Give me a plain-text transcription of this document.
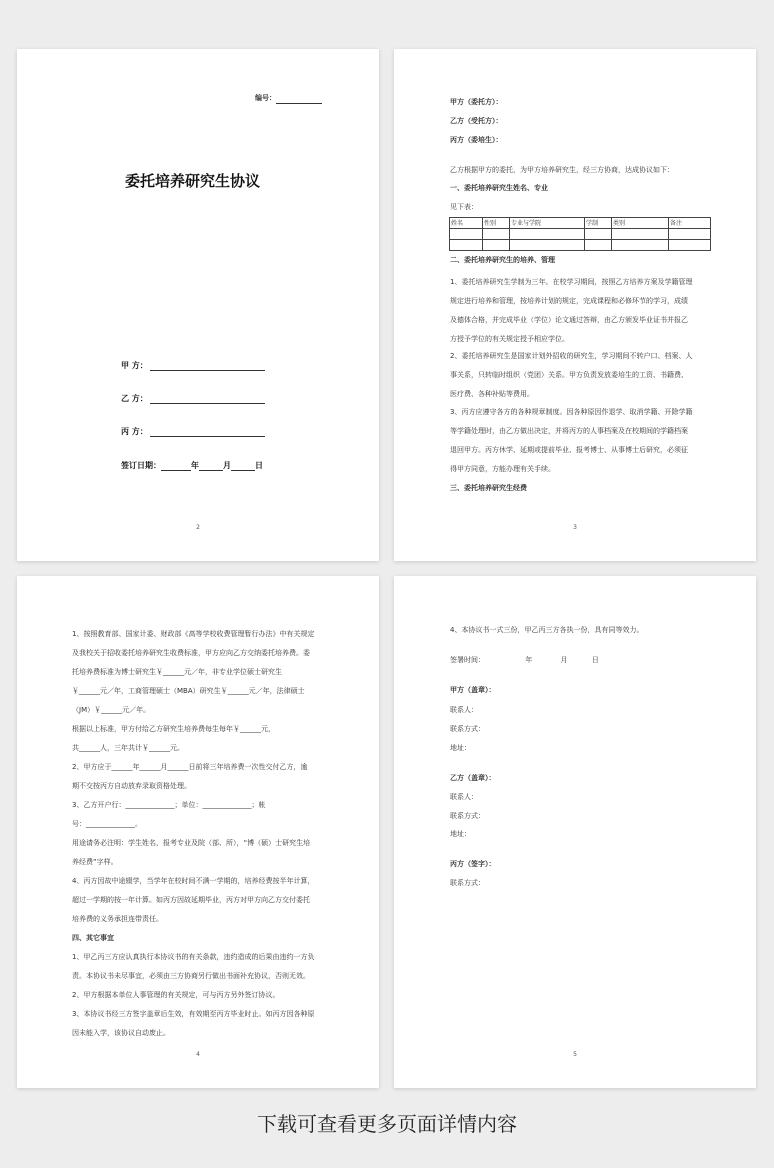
编号：
委托培养研究生协议
甲 方：

乙 方：

丙 方：

签订日期：
	年
	月
	日
2
甲方（委托方）：
乙方（受托方）：
丙方（委培生）：
乙方根据甲方的委托，为甲方培养研究生，经三方协商，达成协议如下：
一、委托培养研究生姓名、专业
见下表：
姓名	性别	专业与学院	学制	类别	备注

二、委托培养研究生的培养、管理
1、委托培养研究生学制为三年。在校学习期间，按照乙方培养方案及学籍管理
规定进行培养和管理，按培养计划的规定，完成课程和必修环节的学习，成绩
及德体合格，并完成毕业（学位）论文通过答辩，由乙方颁发毕业证书并报乙
方授予学位的有关规定授予相应学位。
2、委托培养研究生是国家计划外招收的研究生，学习期间不转户口、档案、人
事关系，只转临时组织（党团）关系。甲方负责发放委培生的工资、书籍费、
医疗费、各种补贴等费用。
3、丙方应遵守各方的各种规章制度。因各种原因作退学、取消学籍、开除学籍
等学籍处理时，由乙方做出决定，并将丙方的人事档案及在校期间的学籍档案
退回甲方。丙方休学、延期或提前毕业、报考博士、从事博士后研究，必须征
得甲方同意，方能办理有关手续。
三、委托培养研究生经费
3
1、按照教育部、国家计委、财政部《高等学校收费管理暂行办法》中有关规定
及我校关于招收委托培养研究生收费标准，甲方应向乙方交纳委托培养费。委
托培养费标准为博士研究生￥______元／年，非专业学位硕士研究生
￥______元／年，工商管理硕士（MBA）研究生￥______元／年，法律硕士
（JM）￥______元／年。
根据以上标准，甲方付给乙方研究生培养费每生每年￥______元，
共______人，三年共计￥______元。
2、甲方应于______年______月______日前将三年培养费一次性交付乙方，逾
期不交按丙方自动放弃录取资格处理。
3、乙方开户行：______________；单位：______________；帐
号：______________。
用途请务必注明：学生姓名，报考专业及院（部、所），“博（硕）士研究生培
养经费”字样。
4、丙方因故中途辍学，当学年在校时间不满一学期的，培养经费按半年计算，
超过一学期的按一年计算。如丙方因故延期毕业，丙方对甲方向乙方交付委托
培养费的义务承担连带责任。
四、其它事宜
1、甲乙丙三方应认真执行本协议书的有关条款，违约造成的后果由违约一方负
责。本协议书未尽事宜，必须由三方协商另行做出书面补充协议，否则无效。
2、甲方根据本单位人事管理的有关规定，可与丙方另外签订协议。
3、本协议书经三方签字盖章后生效，有效期至丙方毕业时止。如丙方因各种原
因未能入学，该协议自动废止。
4
4、本协议书一式三份，甲乙丙三方各执一份，具有同等效力。
签署时间：	年	月	日
甲方（盖章）：
联系人：
联系方式：
地址：
乙方（盖章）：
联系人：
联系方式：
地址：
丙方（签字）：
联系方式：
5
下载可查看更多页面详情内容
